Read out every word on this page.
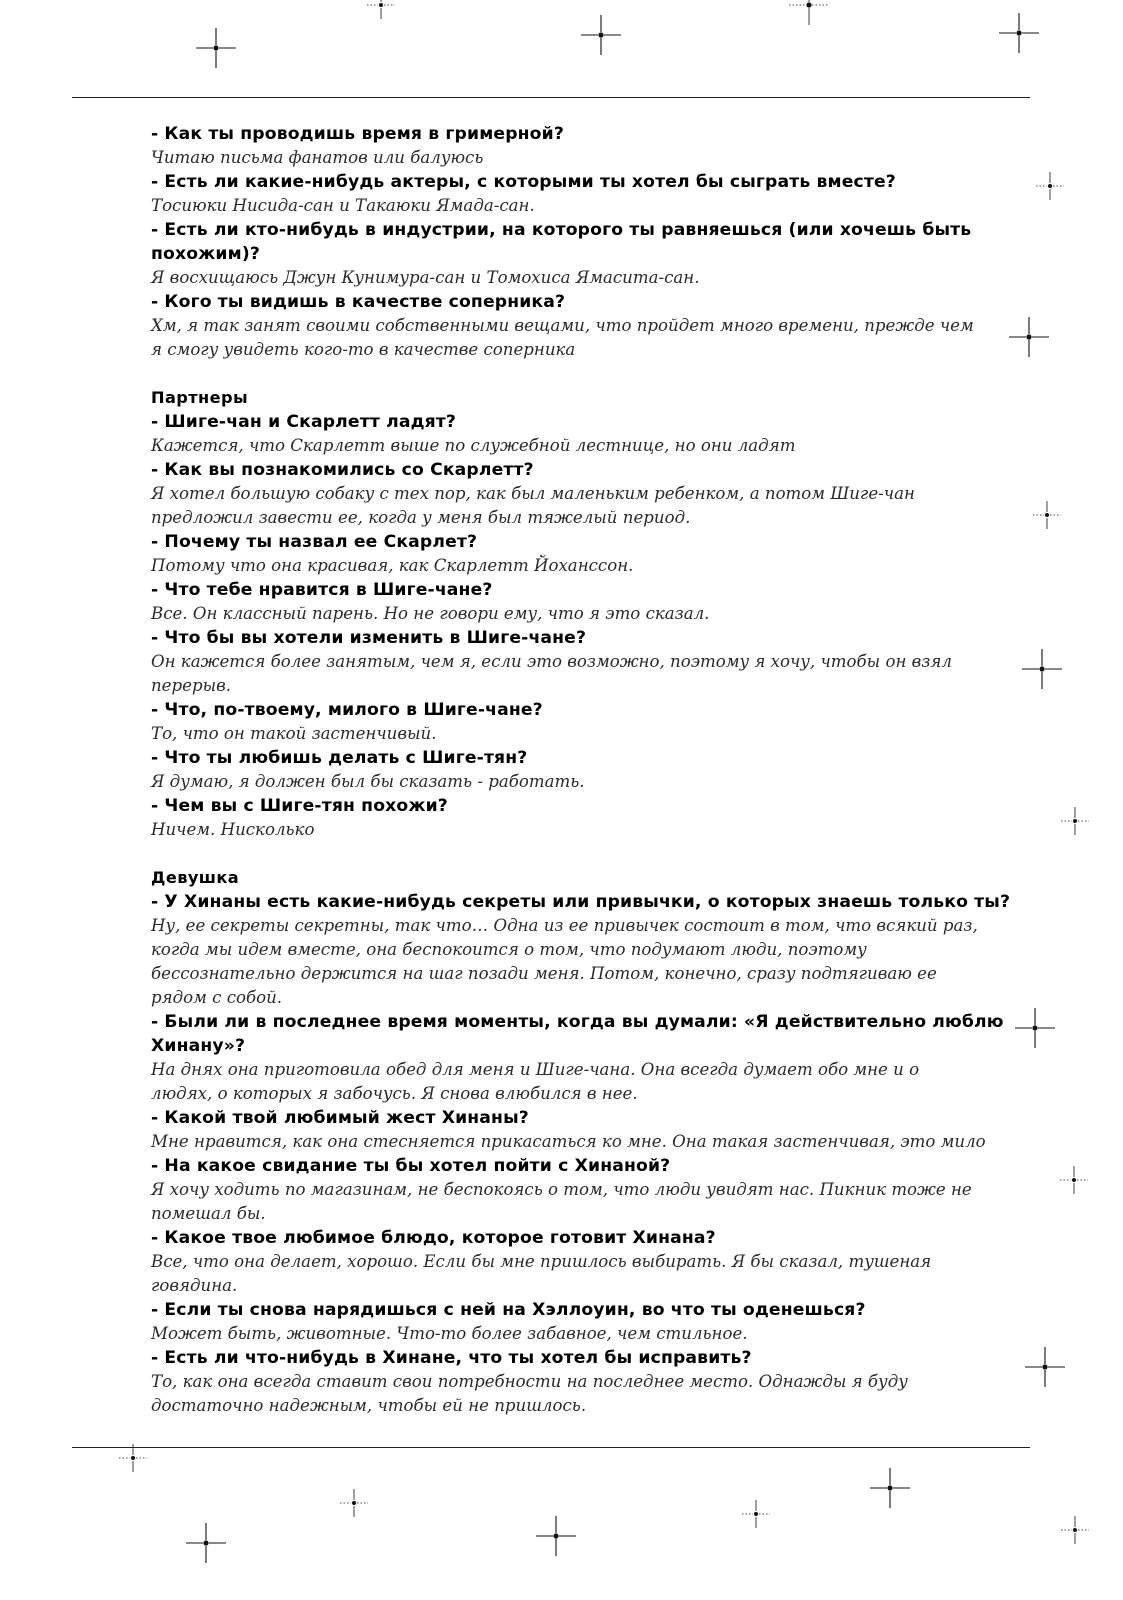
- Как ты проводишь время в гримерной?
Читаю письма фанатов или балуюсь
- Есть ли какие-нибудь актеры, с которыми ты хотел бы сыграть вместе?
Тосиюки Нисида-сан и Такаюки Ямада-сан.
- Есть ли кто-нибудь в индустрии, на которого ты равняешься (или хочешь быть
похожим)?
Я восхищаюсь Джун Кунимура-сан и Томохиса Ямасита-сан.
- Кого ты видишь в качестве соперника?
Хм, я так занят своими собственными вещами, что пройдет много времени, прежде чем
я смогу увидеть кого-то в качестве соперника
Партнеры
- Шиге-чан и Скарлетт ладят?
Кажется, что Скарлетт выше по служебной лестнице, но они ладят
- Как вы познакомились со Скарлетт?
Я хотел большую собаку с тех пор, как был маленьким ребенком, а потом Шиге-чан
предложил завести ее, когда у меня был тяжелый период.
- Почему ты назвал ее Скарлет?
Потому что она красивая, как Скарлетт Йоханссон.
- Что тебе нравится в Шиге-чане?
Все. Он классный парень. Но не говори ему, что я это сказал.
- Что бы вы хотели изменить в Шиге-чане?
Он кажется более занятым, чем я, если это возможно, поэтому я хочу, чтобы он взял
перерыв.
- Что, по-твоему, милого в Шиге-чане?
То, что он такой застенчивый.
- Что ты любишь делать с Шиге-тян?
Я думаю, я должен был бы сказать - работать.
- Чем вы с Шиге-тян похожи?
Ничем. Нисколько
Девушка
- У Хинаны есть какие-нибудь секреты или привычки, о которых знаешь только ты?
Ну, ее секреты секретны, так что… Одна из ее привычек состоит в том, что всякий раз,
когда мы идем вместе, она беспокоится о том, что подумают люди, поэтому
бессознательно держится на шаг позади меня. Потом, конечно, сразу подтягиваю ее
рядом с собой.
- Были ли в последнее время моменты, когда вы думали: «Я действительно люблю
Хинану»?
На днях она приготовила обед для меня и Шиге-чана. Она всегда думает обо мне и о
людях, о которых я забочусь. Я снова влюбился в нее.
- Какой твой любимый жест Хинаны?
Мне нравится, как она стесняется прикасаться ко мне. Она такая застенчивая, это мило
- На какое свидание ты бы хотел пойти с Хинаной?
Я хочу ходить по магазинам, не беспокоясь о том, что люди увидят нас. Пикник тоже не
помешал бы.
- Какое твое любимое блюдо, которое готовит Хинана?
Все, что она делает, хорошо. Если бы мне пришлось выбирать. Я бы сказал, тушеная
говядина.
- Если ты снова нарядишься с ней на Хэллоуин, во что ты оденешься?
Может быть, животные. Что-то более забавное, чем стильное.
- Есть ли что-нибудь в Хинане, что ты хотел бы исправить?
То, как она всегда ставит свои потребности на последнее место. Однажды я буду
достаточно надежным, чтобы ей не пришлось.
